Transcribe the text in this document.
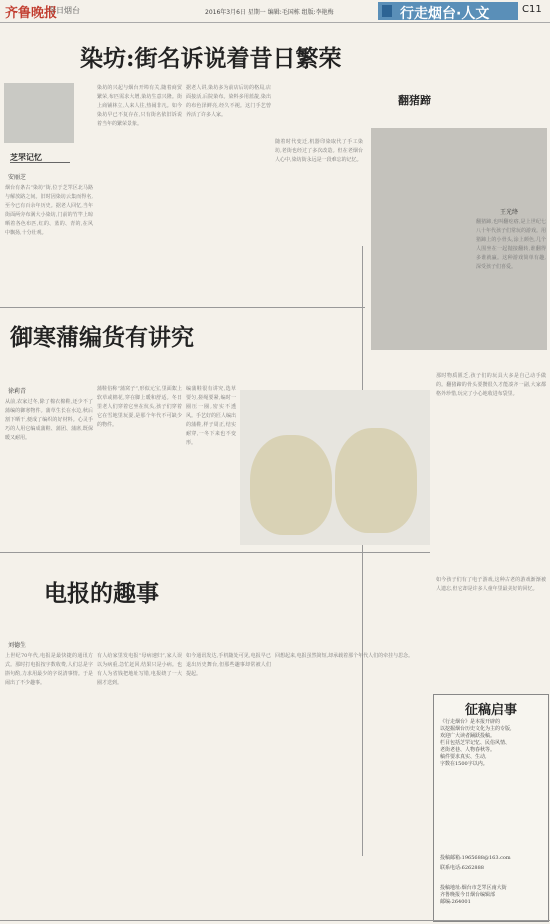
齐鲁晚报
今日烟台	2016年3月6日 星期一 编辑:毛国栋 组版:李艳梅	行走烟台·人文	C11
染坊:街名诉说着昔日繁荣
芝罘记忆
安丽芝
烟台有条古“染坊”街,位于芝罘区北马路与解放路之间。旧时因染坊云集而得名,至今已有百余年历史。据老人回忆,当年街面两旁布满大小染坊,门前的竹竿上晾晒着各色布匹,红的、蓝的、青的,在风中飘扬,十分壮观。
染坊的兴起与烟台开埠有关,随着商贸繁荣,布匹需求大增,染坊生意兴隆。街上商铺林立,人来人往,热闹非凡。如今染坊早已不复存在,只有街名依旧诉说着当年的繁荣景象。
据老人讲,染坊多为前店后坊的格局,店面接活,后院染布。染料多用蓝靛,染出的布色泽鲜亮,经久不褪。这门手艺曾养活了许多人家。
随着时代变迁,机器印染取代了手工染坊,老街也经过了多次改造。但在老烟台人心中,染坊街永远是一段难忘的记忆。
翻猪蹄
王光绛
翻猪蹄,也叫翻疙瘩,是上世纪七八十年代孩子们常玩的游戏。用猪蹄上的小骨头,涂上颜色,几个人围坐在一起抛接翻转,谁翻得多谁就赢。这种游戏简单有趣,深受孩子们喜爱。
那时物质匮乏,孩子们的玩具大多是自己动手做的。翻猪蹄的骨头要攒很久才能凑齐一副,大家都格外珍惜,玩完了小心地收进布袋里。
如今孩子们有了电子游戏,这种古老的游戏渐渐被人遗忘,但它却是许多人童年里最美好的回忆。
御寒蒲编货有讲究
徐莉青
从前,农家过冬,除了棉衣棉鞋,还少不了蒲编的御寒物件。蒲草生长在水边,秋后割下晒干,便成了编织的好材料。心灵手巧的人用它编成蒲鞋、蒲团、蒲席,既保暖又耐用。
蒲鞋俗称“蒲窝子”,形似元宝,里面絮上软草或棉花,穿在脚上暖和舒适。冬日里老人们穿着它坐在炕头,孩子们穿着它在雪地里玩耍,是那个年代不可缺少的物件。
编蒲鞋很有讲究,选草要匀,搓绳要紧,编时一圈压一圈,密实不透风。手艺好的匠人编出的蒲鞋,样子周正,结实耐穿,一冬下来也不变形。
电报的趣事
刘德生
上世纪70年代,电报是最快捷的通讯方式。那时打电报按字数收费,人们总是字斟句酌,力求用最少的字说清事情。于是闹出了不少趣事。
有人给家里发电报“母病速归”,家人误以为病重,急忙赶回,结果只是小病。也有人为省钱把地址写错,电报绕了一大圈才送到。
如今通讯发达,手机随处可见,电报早已退出历史舞台,但那些趣事却常被人们提起。
回想起来,电报虽然简短,却承载着那个年代人们的牵挂与思念。
征稿启事
《行走烟台》是本报开辟的
以挖掘烟台历史文化为主的专版,
欢迎广大读者踊跃投稿。
栏目包括芝罘记忆、民俗风情、
老街老巷、人物春秋等。
稿件要求真实、生动,
字数在1500字以内。
投稿邮箱:1965688@163.com
联系电话:6262888
投稿地址:烟台市芝罘区南大街
齐鲁晚报今日烟台编辑部
邮编:264001
